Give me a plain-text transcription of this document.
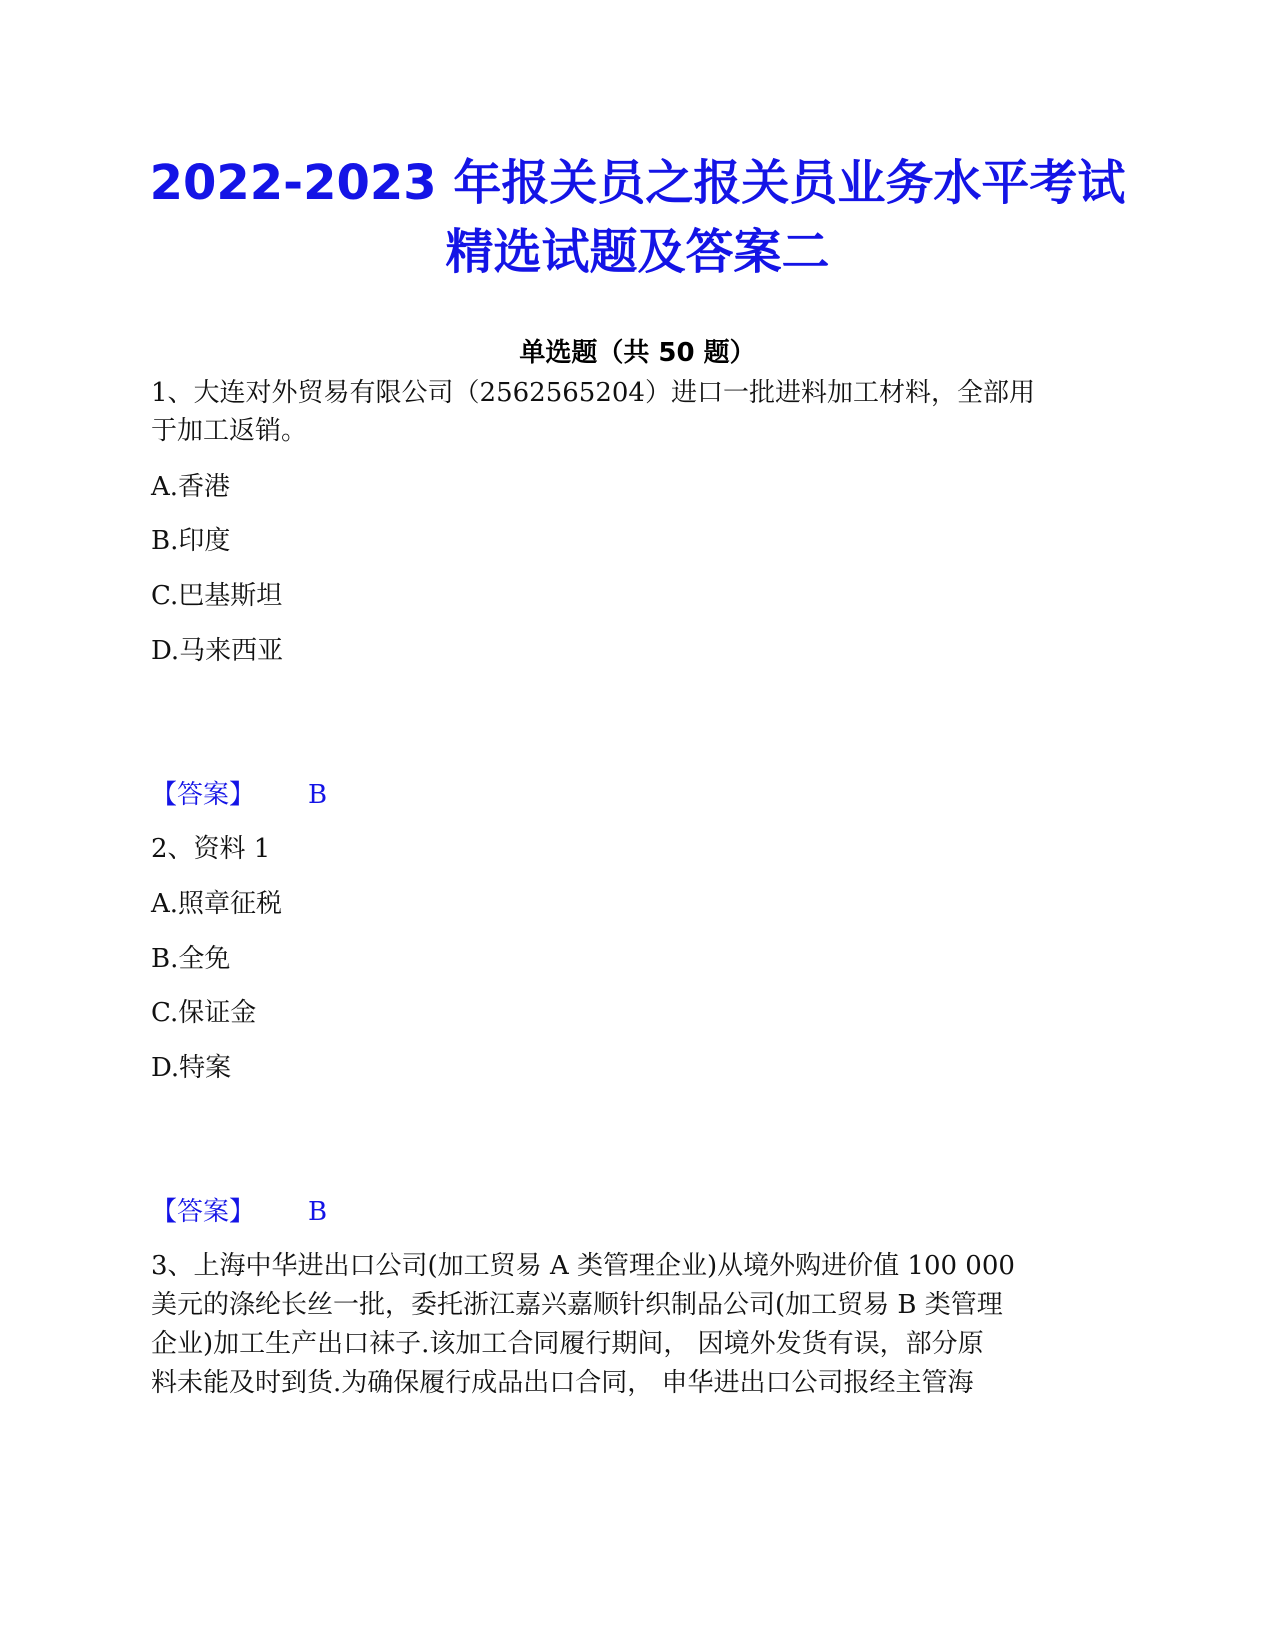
2022-2023 年报关员之报关员业务水平考试
精选试题及答案二
单选题（共 50 题）
1、大连对外贸易有限公司（2562565204）进口一批进料加工材料，全部用
于加工返销。
A.香港
B.印度
C.巴基斯坦
D.马来西亚
【答案】 B
2、资料 1
A.照章征税
B.全免
C.保证金
D.特案
【答案】 B
3、上海中华进出口公司(加工贸易 A 类管理企业)从境外购进价值 100 000
美元的涤纶长丝一批，委托浙江嘉兴嘉顺针织制品公司(加工贸易 B 类管理
企业)加工生产出口袜子.该加工合同履行期间， 因境外发货有误，部分原
料未能及时到货.为确保履行成品出口合同， 申华进出口公司报经主管海
